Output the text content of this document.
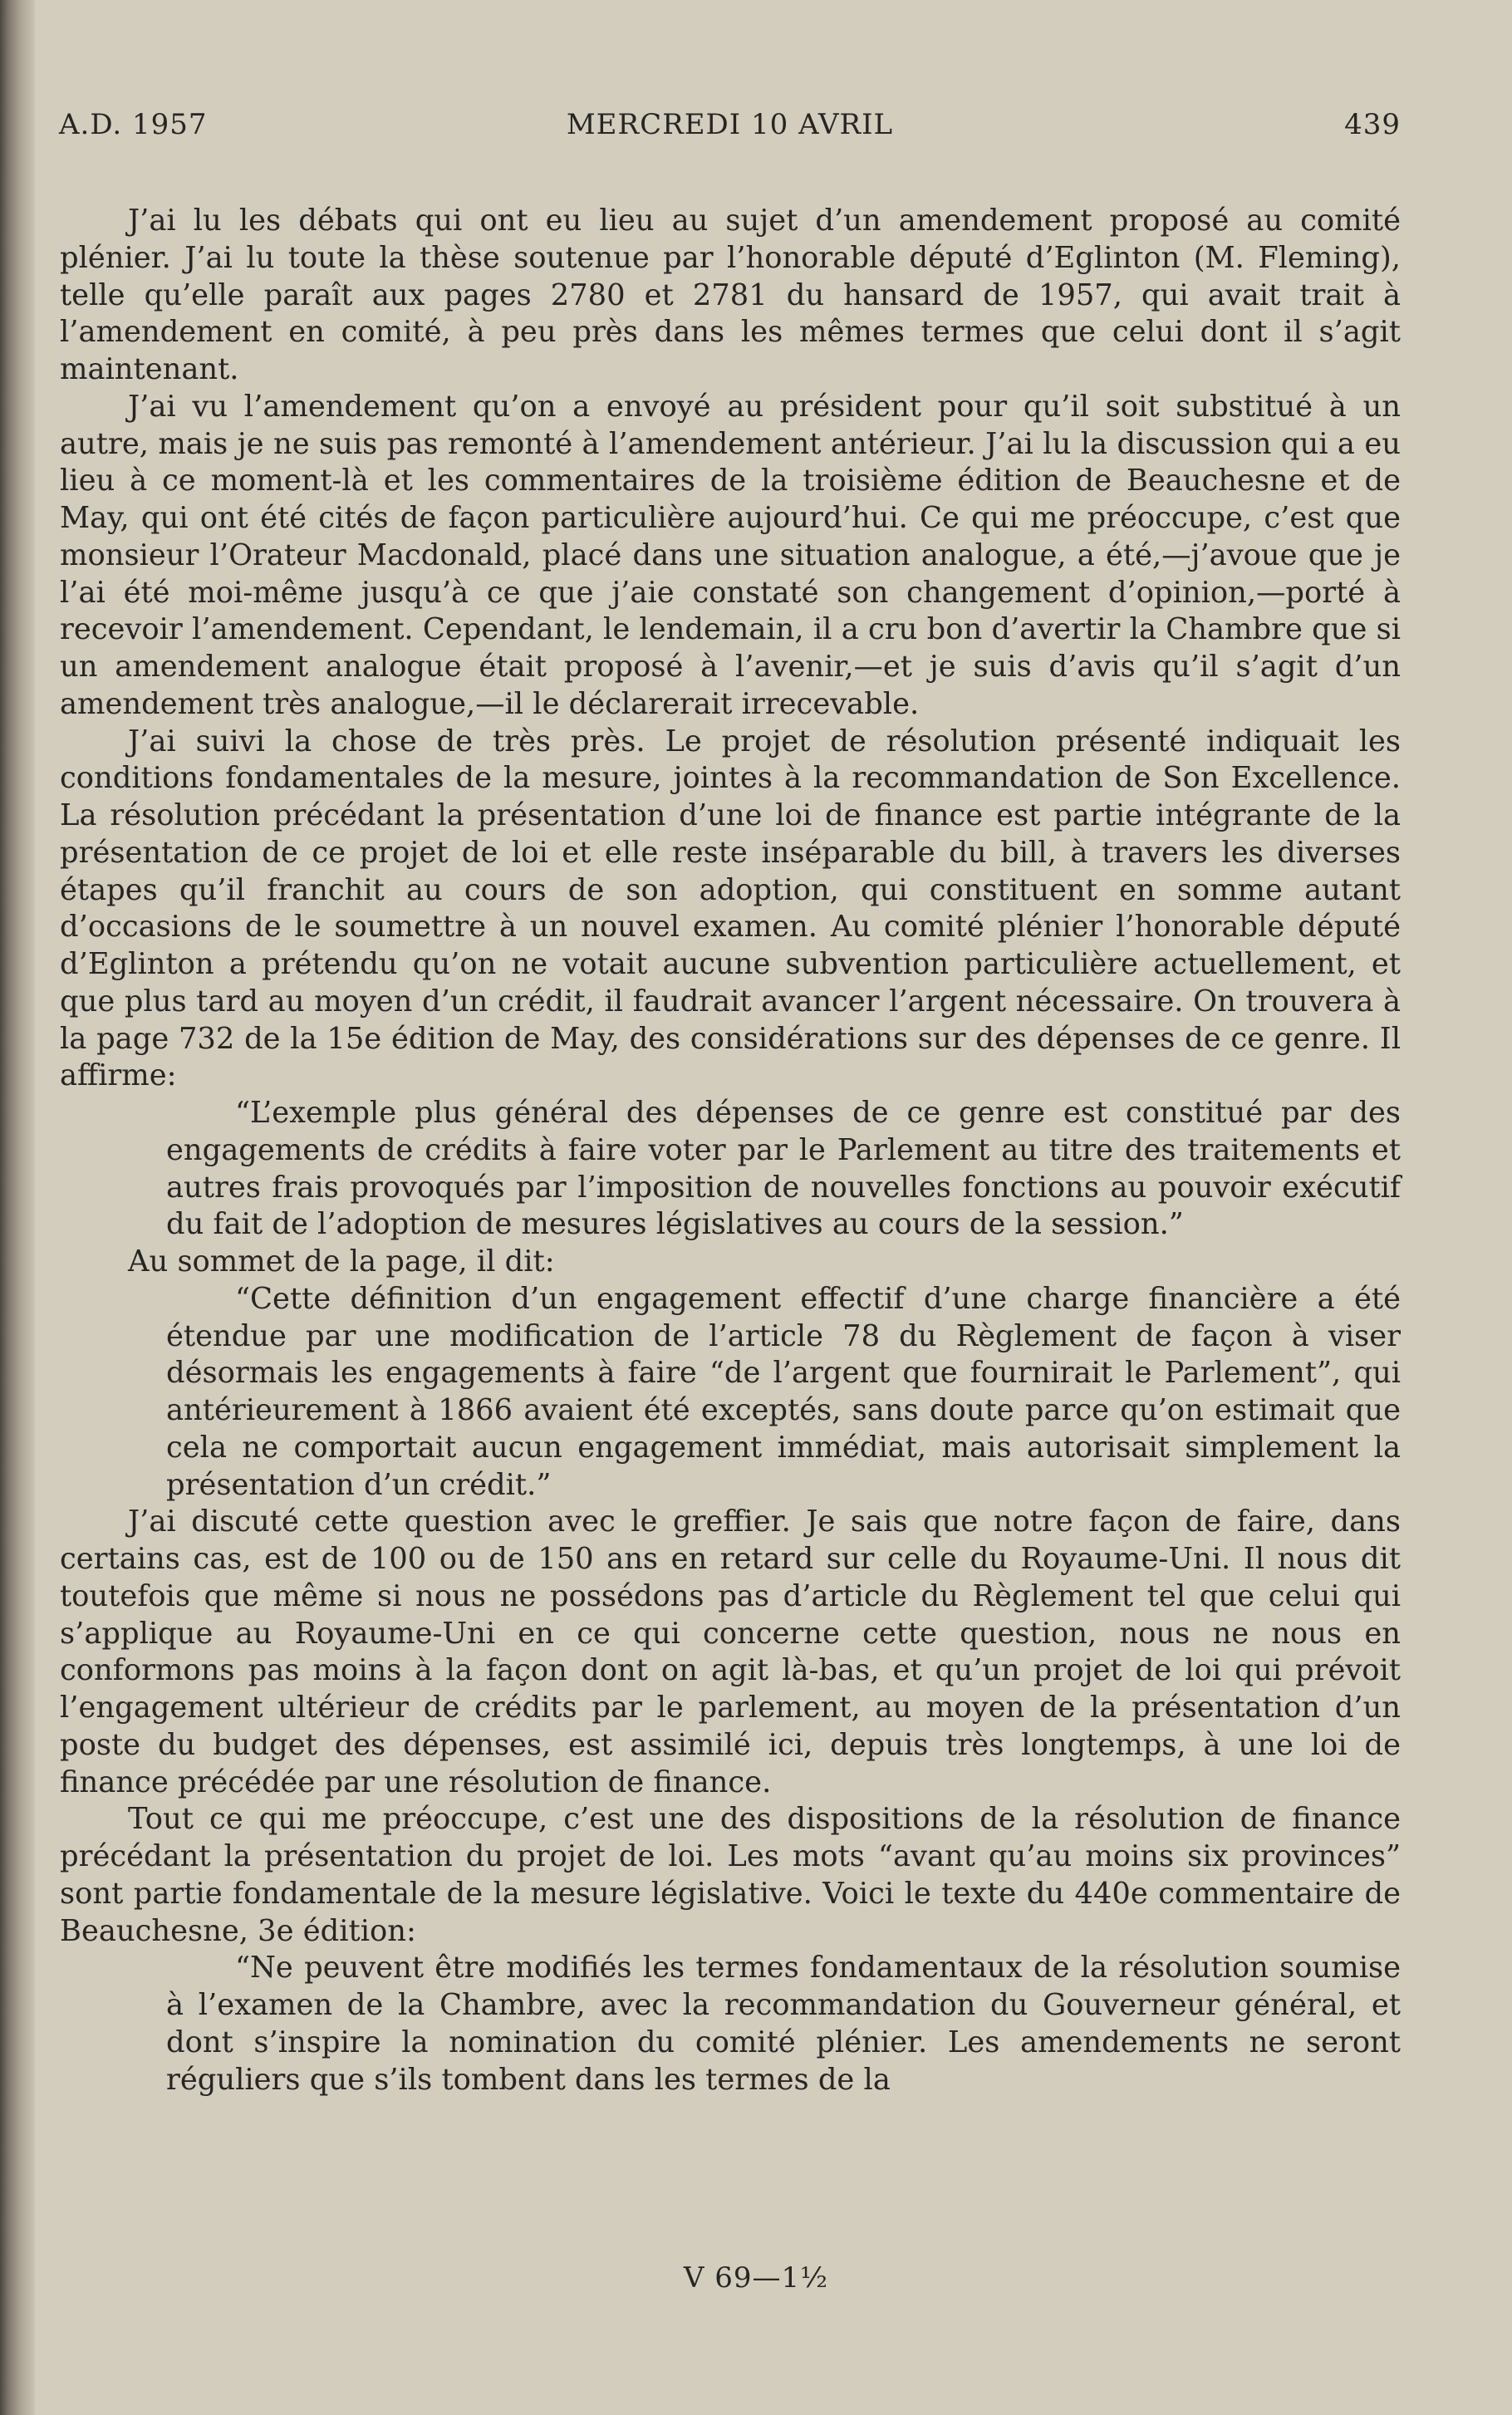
MERCREDI 10 AVRIL
A.D. 1957	439

J’ai lu les débats qui ont eu lieu au sujet d’un amendement proposé au comité plénier. J’ai lu toute la thèse soutenue par l’honorable député d’Eglinton (M. Fleming), telle qu’elle paraît aux pages 2780 et 2781 du hansard de 1957, qui avait trait à l’amendement en comité, à peu près dans les mêmes termes que celui dont il s’agit maintenant.

J’ai vu l’amendement qu’on a envoyé au président pour qu’il soit substitué à un autre, mais je ne suis pas remonté à l’amendement antérieur. J’ai lu la discussion qui a eu lieu à ce moment-là et les commentaires de la troisième édition de Beauchesne et de May, qui ont été cités de façon particulière aujourd’hui. Ce qui me préoccupe, c’est que monsieur l’Orateur Macdonald, placé dans une situation analogue, a été,—j’avoue que je l’ai été moi-même jusqu’à ce que j’aie constaté son changement d’opinion,—porté à recevoir l’amendement. Cependant, le lendemain, il a cru bon d’avertir la Chambre que si un amendement analogue était proposé à l’avenir,—et je suis d’avis qu’il s’agit d’un amendement très analogue,—il le déclarerait irrecevable.

J’ai suivi la chose de très près. Le projet de résolution présenté indiquait les conditions fondamentales de la mesure, jointes à la recommandation de Son Excellence. La résolution précédant la présentation d’une loi de finance est partie intégrante de la présentation de ce projet de loi et elle reste inséparable du bill, à travers les diverses étapes qu’il franchit au cours de son adoption, qui constituent en somme autant d’occasions de le soumettre à un nouvel examen. Au comité plénier l’honorable député d’Eglinton a prétendu qu’on ne votait aucune subvention particulière actuellement, et que plus tard au moyen d’un crédit, il faudrait avancer l’argent nécessaire. On trouvera à la page 732 de la 15e édition de May, des considérations sur des dépenses de ce genre. Il affirme:

“L’exemple plus général des dépenses de ce genre est constitué par des engagements de crédits à faire voter par le Parlement au titre des traitements et autres frais provoqués par l’imposition de nouvelles fonctions au pouvoir exécutif du fait de l’adoption de mesures législatives au cours de la session.”

Au sommet de la page, il dit:

“Cette définition d’un engagement effectif d’une charge financière a été étendue par une modification de l’article 78 du Règlement de façon à viser désormais les engagements à faire “de l’argent que fournirait le Parlement”, qui antérieurement à 1866 avaient été exceptés, sans doute parce qu’on estimait que cela ne comportait aucun engagement immédiat, mais autorisait simplement la présentation d’un crédit.”

J’ai discuté cette question avec le greffier. Je sais que notre façon de faire, dans certains cas, est de 100 ou de 150 ans en retard sur celle du Royaume-Uni. Il nous dit toutefois que même si nous ne possédons pas d’article du Règlement tel que celui qui s’applique au Royaume-Uni en ce qui concerne cette question, nous ne nous en conformons pas moins à la façon dont on agit là-bas, et qu’un projet de loi qui prévoit l’engagement ultérieur de crédits par le parlement, au moyen de la présentation d’un poste du budget des dépenses, est assimilé ici, depuis très longtemps, à une loi de finance précédée par une résolution de finance.

Tout ce qui me préoccupe, c’est une des dispositions de la résolution de finance précédant la présentation du projet de loi. Les mots “avant qu’au moins six provinces” sont partie fondamentale de la mesure législative. Voici le texte du 440e commentaire de Beauchesne, 3e édition:

“Ne peuvent être modifiés les termes fondamentaux de la résolution soumise à l’examen de la Chambre, avec la recommandation du Gouverneur général, et dont s’inspire la nomination du comité plénier. Les amendements ne seront réguliers que s’ils tombent dans les termes de la

V 69—1½
